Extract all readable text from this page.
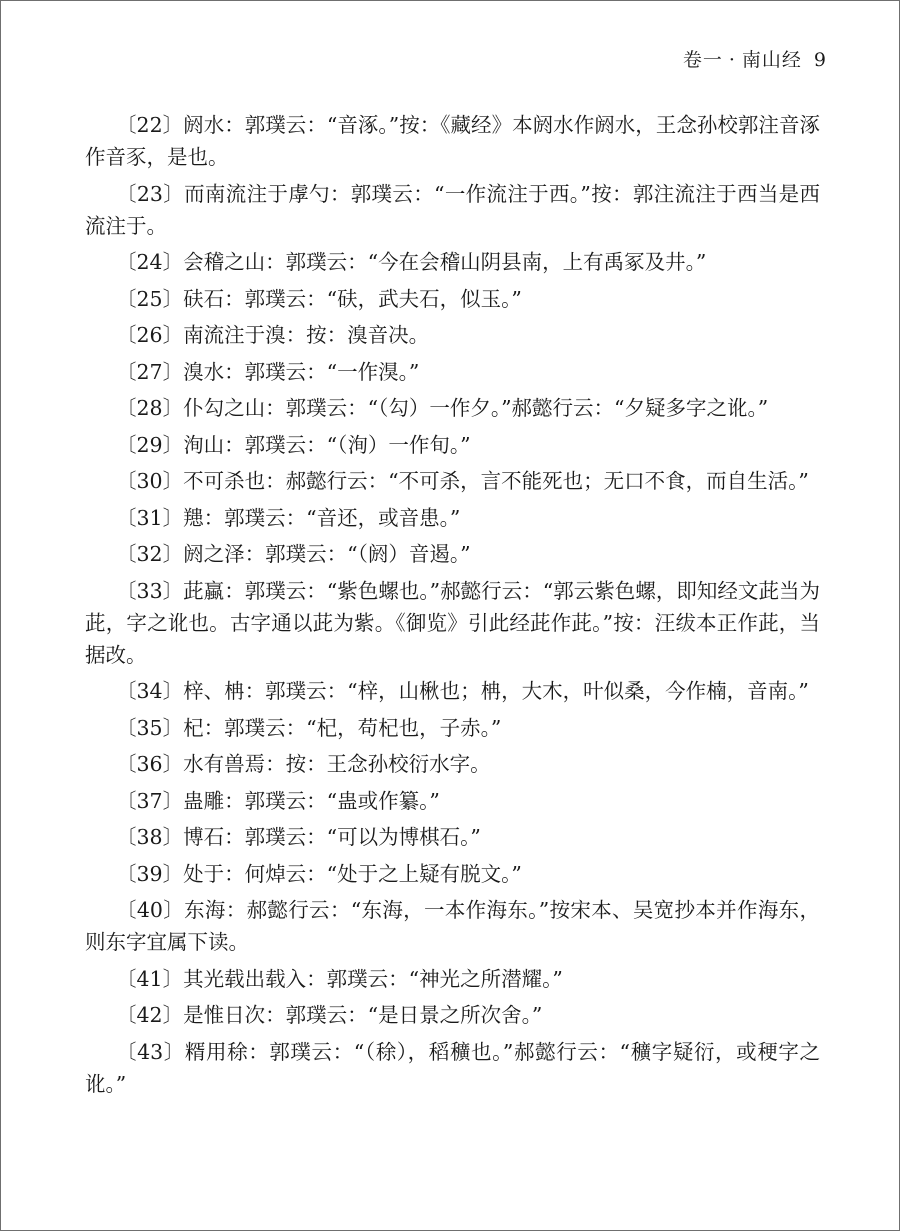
卷一 · 南山经 9

〔22〕阏水：郭璞云：“音涿。”按：《藏经》本阏水作阏水，王念孙校郭注音涿作音豕，是也。

〔23〕而南流注于虖勺：郭璞云：“一作流注于西。”按：郭注流注于西当是西流注于。

〔24〕会稽之山：郭璞云：“今在会稽山阴县南，上有禹冢及井。”

〔25〕砆石：郭璞云：“砆，武夫石，似玉。”

〔26〕南流注于溴：按：溴音决。

〔27〕溴水：郭璞云：“一作湨。”

〔28〕仆勾之山：郭璞云：“（勾）一作夕。”郝懿行云：“夕疑多字之讹。”

〔29〕洵山：郭璞云：“（洵）一作旬。”

〔30〕不可杀也：郝懿行云：“不可杀，言不能死也；无口不食，而自生活。”

〔31〕䍺：郭璞云：“音还，或音患。”

〔32〕阏之泽：郭璞云：“（阏）音遏。”

〔33〕茈蠃：郭璞云：“紫色螺也。”郝懿行云：“郭云紫色螺，即知经文茈当为茈，字之讹也。古字通以茈为紫。《御览》引此经茈作茈。”按：汪绂本正作茈，当据改。

〔34〕梓、柟：郭璞云：“梓，山楸也；柟，大木，叶似桑，今作楠，音南。”

〔35〕杞：郭璞云：“杞，苟杞也，子赤。”

〔36〕水有兽焉：按：王念孙校衍水字。

〔37〕蛊雕：郭璞云：“蛊或作纂。”

〔38〕博石：郭璞云：“可以为博棋石。”

〔39〕处于：何焯云：“处于之上疑有脱文。”

〔40〕东海：郝懿行云：“东海，一本作海东。”按宋本、吴宽抄本并作海东，则东字宜属下读。

〔41〕其光载出载入：郭璞云：“神光之所潜耀。”

〔42〕是惟日次：郭璞云：“是日景之所次舍。”

〔43〕糈用稌：郭璞云：“（稌），稻穬也。”郝懿行云：“穬字疑衍，或稉字之讹。”
